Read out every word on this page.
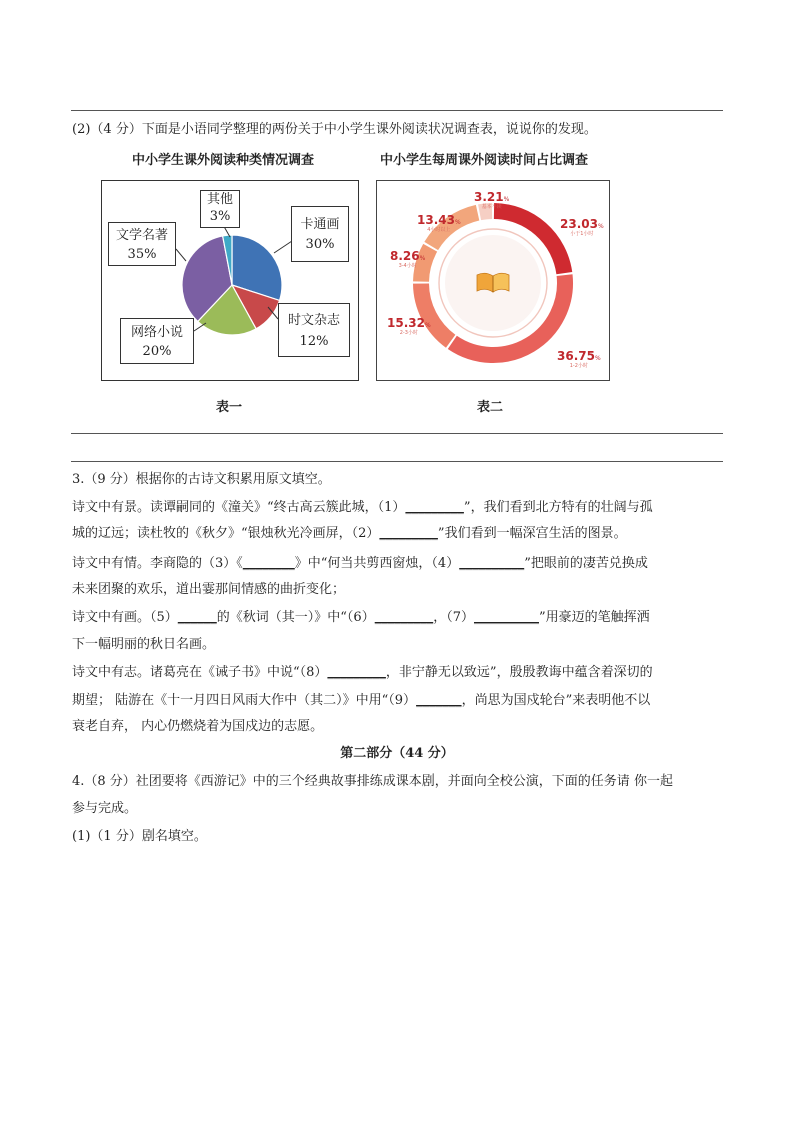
(2)（4 分）下面是小语同学整理的两份关于中小学生课外阅读状况调查表，说说你的发现。
中小学生课外阅读种类情况调查	中小学生每周课外阅读时间占比调查
其他
3%
卡通画
30%
文学名著
35%
时文杂志
12%
网络小说
20%
3.21%
基本不读
13.43%
4小时以上	23.03%
小于1小时
8.26%
3-4小时
15.32%
2-3小时
36.75%
1-2小时
表一	表二
3.（9 分）根据你的古诗文积累用原文填空。
诗文中有景。读谭嗣同的《潼关》“终古高云簇此城，（1）_________”，我们看到北方特有的壮阔与孤
城的辽远；读杜牧的《秋夕》“银烛秋光冷画屏，（2）_________”我们看到一幅深宫生活的图景。
诗文中有情。李商隐的（3）《________》中“何当共剪西窗烛，（4）__________”把眼前的凄苦兑换成
未来团聚的欢乐，道出霎那间情感的曲折变化；
诗文中有画。（5）______的《秋词（其一）》中“（6）_________，（7）__________”用豪迈的笔触挥洒
下一幅明丽的秋日名画。
诗文中有志。诸葛亮在《诫子书》中说“（8）_________，非宁静无以致远”，殷殷教诲中蕴含着深切的
期望； 陆游在《十一月四日风雨大作中（其二）》中用“（9）_______，尚思为国戍轮台”来表明他不以
衰老自弃， 内心仍燃烧着为国戍边的志愿。
第二部分（44 分）
4.（8 分）社团要将《西游记》中的三个经典故事排练成课本剧，并面向全校公演，下面的任务请 你一起
参与完成。
(1)（1 分）剧名填空。
